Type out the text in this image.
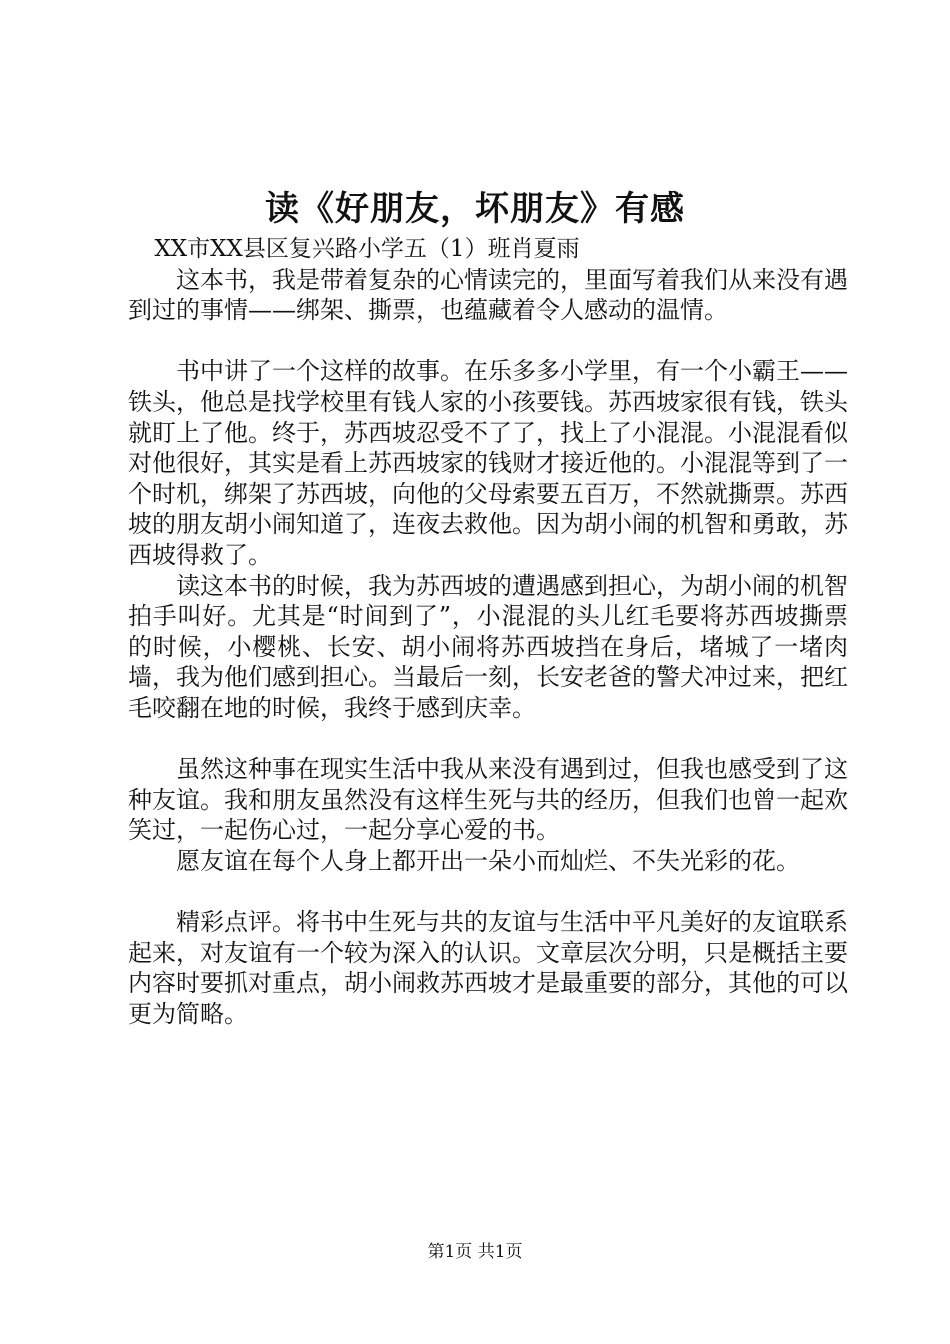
读《好朋友，坏朋友》有感

XX市XX县区复兴路小学五（1）班肖夏雨

这本书，我是带着复杂的心情读完的，里面写着我们从来没有遇到过的事情——绑架、撕票，也蕴藏着令人感动的温情。

书中讲了一个这样的故事。在乐多多小学里，有一个小霸王——铁头，他总是找学校里有钱人家的小孩要钱。苏西坡家很有钱，铁头就盯上了他。终于，苏西坡忍受不了了，找上了小混混。小混混看似对他很好，其实是看上苏西坡家的钱财才接近他的。小混混等到了一个时机，绑架了苏西坡，向他的父母索要五百万，不然就撕票。苏西坡的朋友胡小闹知道了，连夜去救他。因为胡小闹的机智和勇敢，苏西坡得救了。

读这本书的时候，我为苏西坡的遭遇感到担心，为胡小闹的机智拍手叫好。尤其是“时间到了”，小混混的头儿红毛要将苏西坡撕票的时候，小樱桃、长安、胡小闹将苏西坡挡在身后，堵城了一堵肉墙，我为他们感到担心。当最后一刻，长安老爸的警犬冲过来，把红毛咬翻在地的时候，我终于感到庆幸。

虽然这种事在现实生活中我从来没有遇到过，但我也感受到了这种友谊。我和朋友虽然没有这样生死与共的经历，但我们也曾一起欢笑过，一起伤心过，一起分享心爱的书。

愿友谊在每个人身上都开出一朵小而灿烂、不失光彩的花。

精彩点评。将书中生死与共的友谊与生活中平凡美好的友谊联系起来，对友谊有一个较为深入的认识。文章层次分明，只是概括主要内容时要抓对重点，胡小闹救苏西坡才是最重要的部分，其他的可以更为简略。

第1页 共1页
